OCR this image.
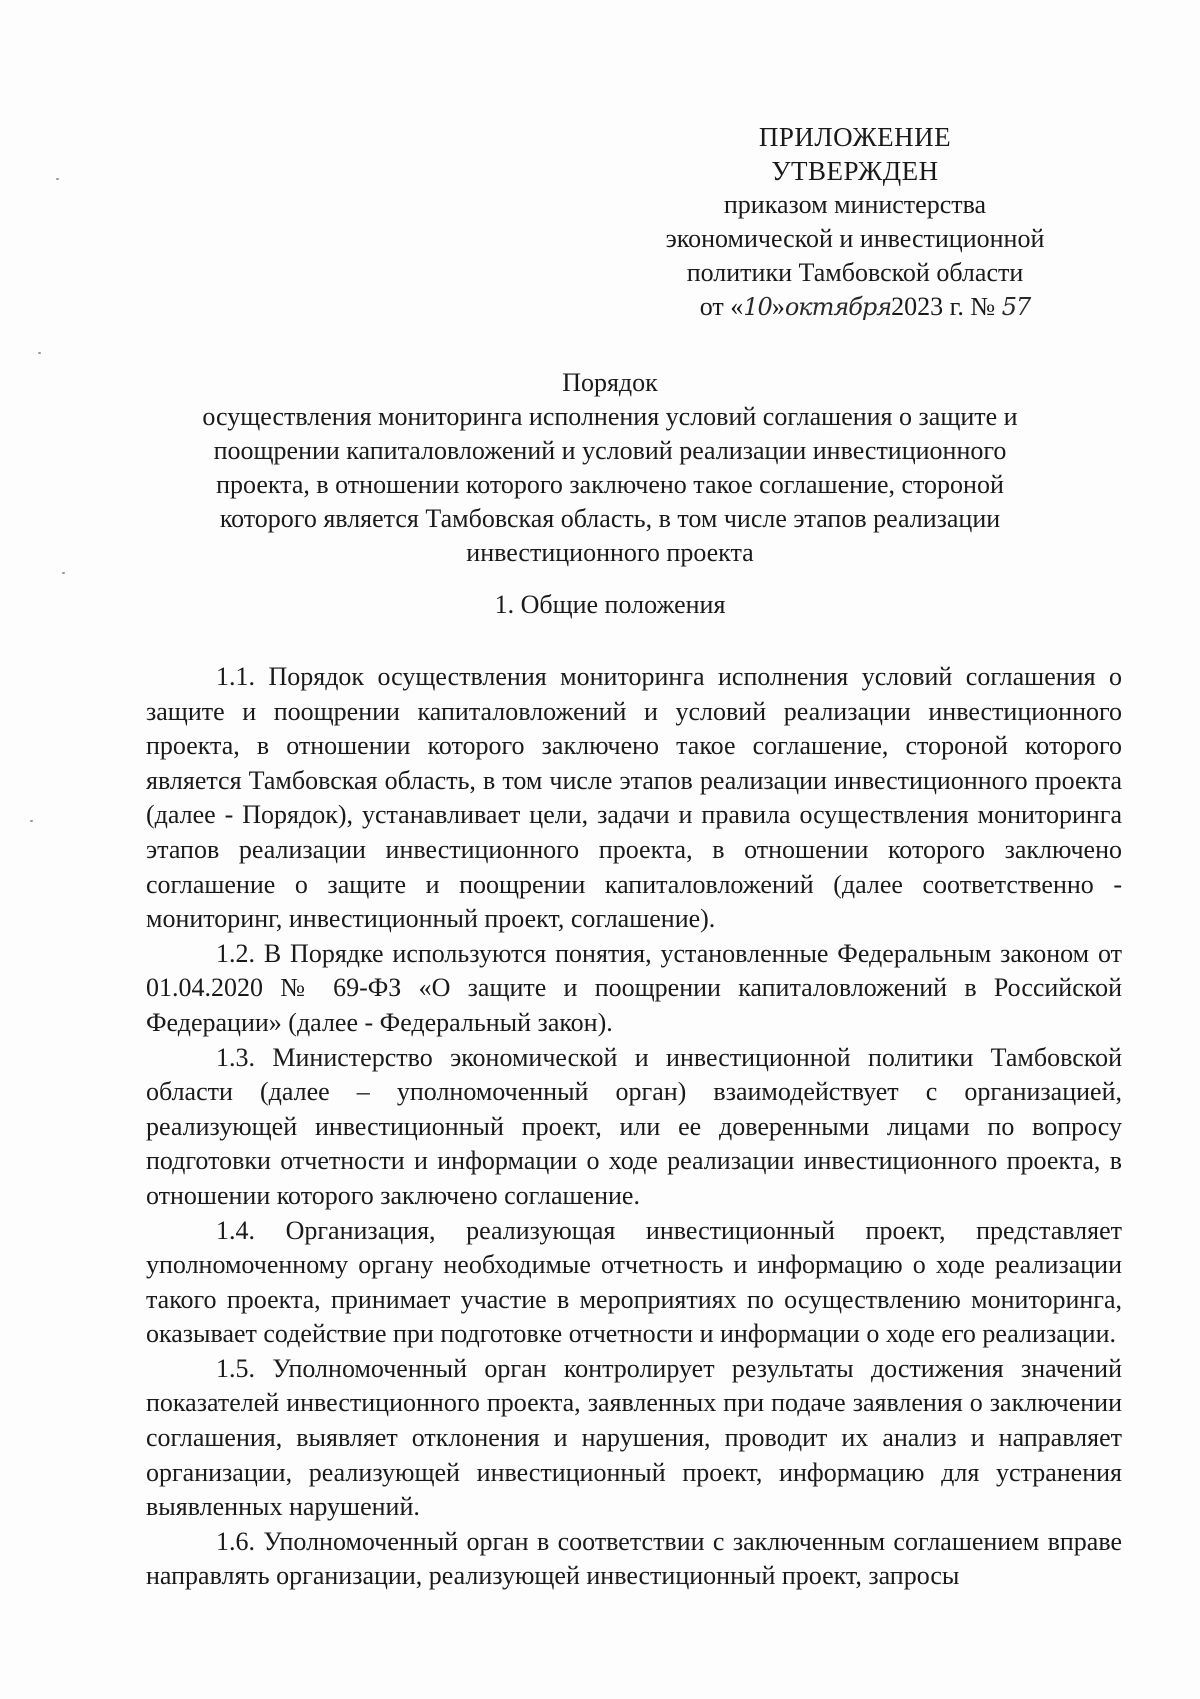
ПРИЛОЖЕНИЕ
УТВЕРЖДЕН
приказом министерства
экономической и инвестиционной
политики Тамбовской области
от «10»октября2023 г. № 57
Порядок
осуществления мониторинга исполнения условий соглашения о защите и
поощрении капиталовложений и условий реализации инвестиционного
проекта, в отношении которого заключено такое соглашение, стороной
которого является Тамбовская область, в том числе этапов реализации
инвестиционного проекта
1. Общие положения

1.1. Порядок осуществления мониторинга исполнения условий соглашения о защите и поощрении капиталовложений и условий реализации инвестиционного проекта, в отношении которого заключено такое соглашение, стороной которого является Тамбовская область, в том числе этапов реализации инвестиционного проекта (далее - Порядок), устанавливает цели, задачи и правила осуществления мониторинга этапов реализации инвестиционного проекта, в отношении которого заключено соглашение о защите и поощрении капиталовложений (далее соответственно - мониторинг, инвестиционный проект, соглашение).

1.2. В Порядке используются понятия, установленные Федеральным законом от 01.04.2020 № 69-ФЗ «О защите и поощрении капиталовложений в Российской Федерации» (далее - Федеральный закон).

1.3. Министерство экономической и инвестиционной политики Тамбовской области (далее – уполномоченный орган) взаимодействует с организацией, реализующей инвестиционный проект, или ее доверенными лицами по вопросу подготовки отчетности и информации о ходе реализации инвестиционного проекта, в отношении которого заключено соглашение.

1.4. Организация, реализующая инвестиционный проект, представляет уполномоченному органу необходимые отчетность и информацию о ходе реализации такого проекта, принимает участие в мероприятиях по осуществлению мониторинга, оказывает содействие при подготовке отчетности и информации о ходе его реализации.

1.5. Уполномоченный орган контролирует результаты достижения значений показателей инвестиционного проекта, заявленных при подаче заявления о заключении соглашения, выявляет отклонения и нарушения, проводит их анализ и направляет организации, реализующей инвестиционный проект, информацию для устранения выявленных нарушений.

1.6. Уполномоченный орган в соответствии с заключенным соглашением вправе направлять организации, реализующей инвестиционный проект, запросы
